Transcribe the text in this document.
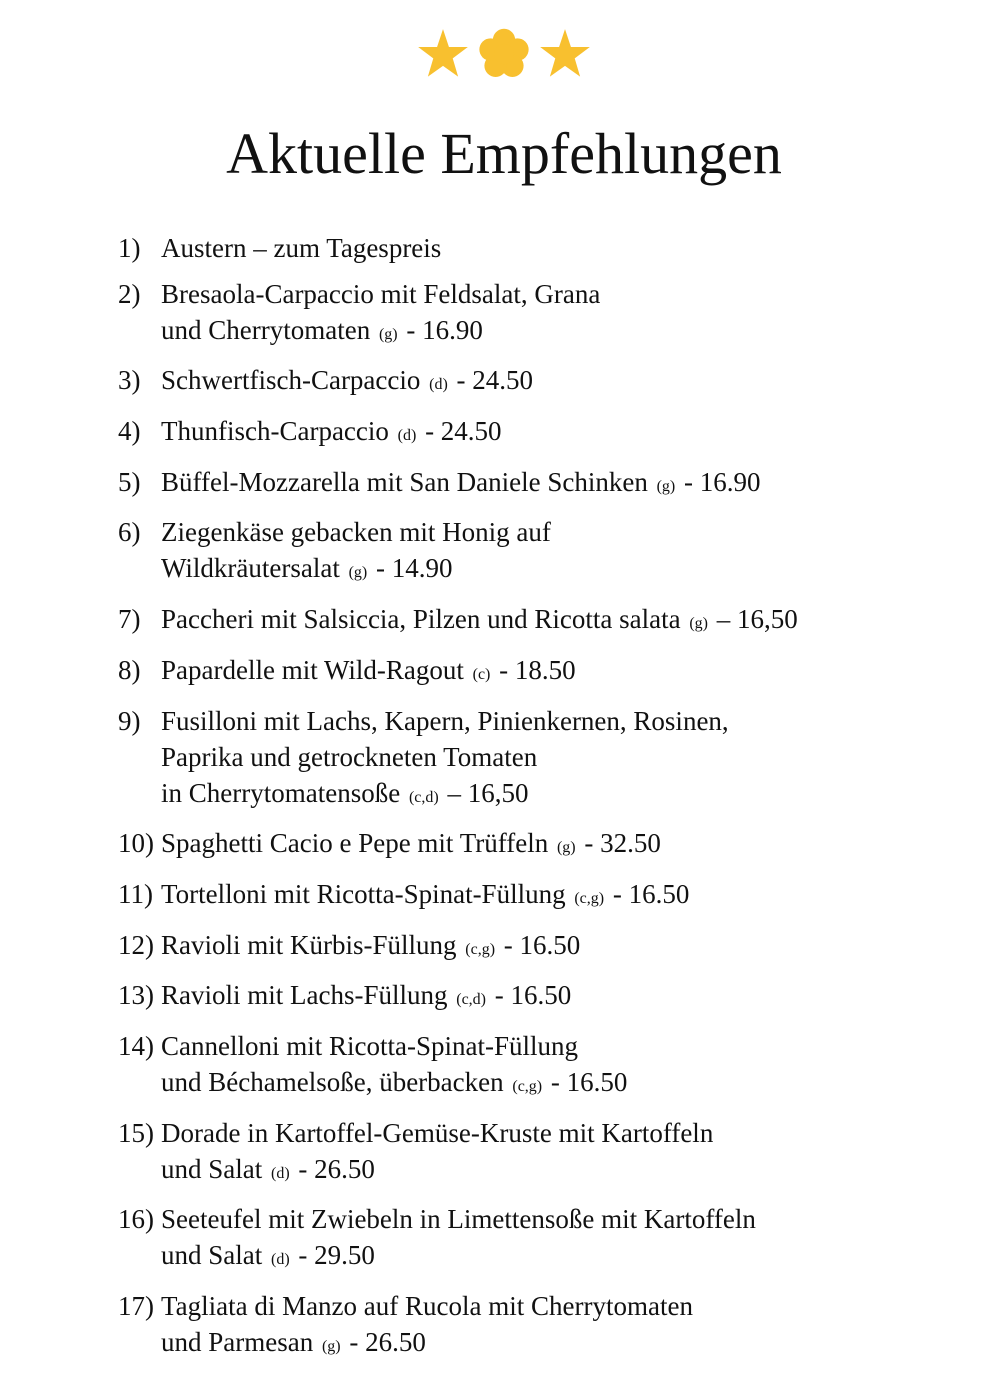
Aktuelle Empfehlungen
1) Austern – zum Tagespreis
2) Bresaola-Carpaccio mit Feldsalat, Grana
und Cherrytomaten (g) - 16.90
3) Schwertfisch-Carpaccio (d) - 24.50
4) Thunfisch-Carpaccio (d) - 24.50
5) Büffel-Mozzarella mit San Daniele Schinken (g) - 16.90
6) Ziegenkäse gebacken mit Honig auf
Wildkräutersalat (g) - 14.90
7) Paccheri mit Salsiccia, Pilzen und Ricotta salata (g) – 16,50
8) Papardelle mit Wild-Ragout (c) - 18.50
9) Fusilloni mit Lachs, Kapern, Pinienkernen, Rosinen,
Paprika und getrockneten Tomaten
in Cherrytomatensoße (c,d) – 16,50
10) Spaghetti Cacio e Pepe mit Trüffeln (g) - 32.50
11) Tortelloni mit Ricotta-Spinat-Füllung (c,g) - 16.50
12) Ravioli mit Kürbis-Füllung (c,g) - 16.50
13) Ravioli mit Lachs-Füllung (c,d) - 16.50
14) Cannelloni mit Ricotta-Spinat-Füllung
und Béchamelsoße, überbacken (c,g) - 16.50
15) Dorade in Kartoffel-Gemüse-Kruste mit Kartoffeln
und Salat (d) - 26.50
16) Seeteufel mit Zwiebeln in Limettensoße mit Kartoffeln
und Salat (d) - 29.50
17) Tagliata di Manzo auf Rucola mit Cherrytomaten
und Parmesan (g) - 26.50
